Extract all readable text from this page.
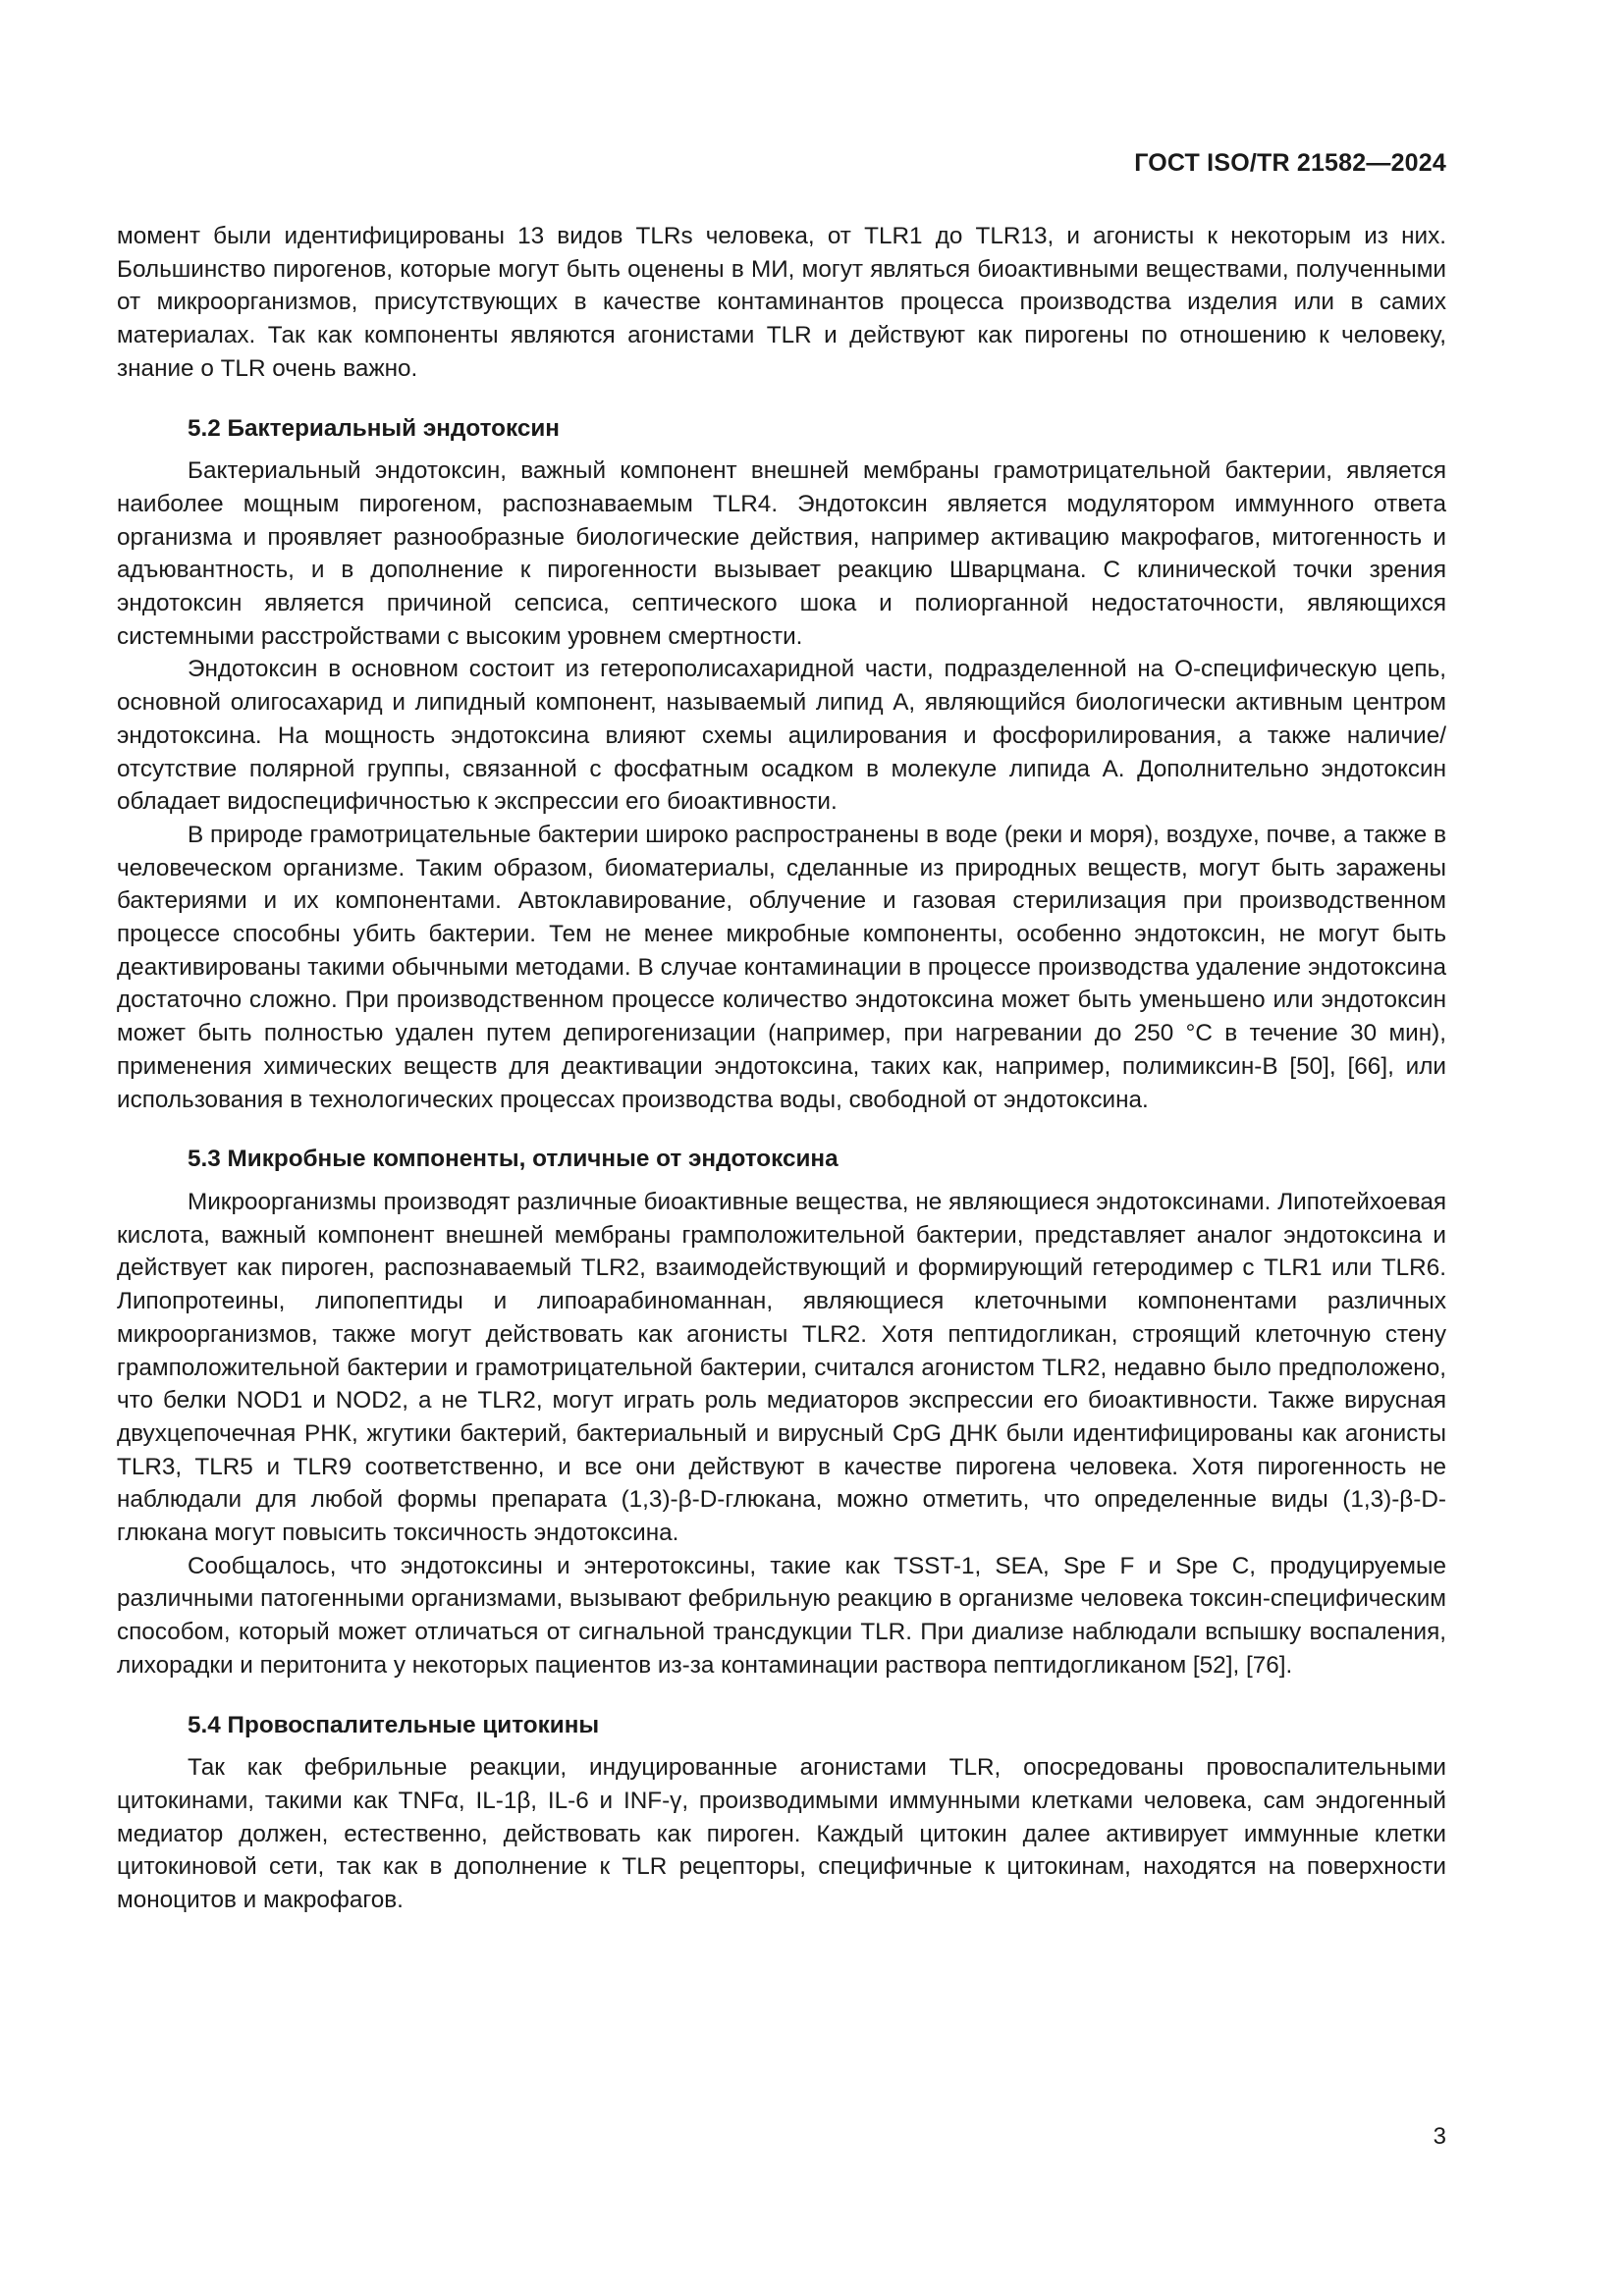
ГОСТ ISO/TR 21582—2024

момент были идентифицированы 13 видов TLRs человека, от TLR1 до TLR13, и агонисты к некоторым из них. Большинство пирогенов, которые могут быть оценены в МИ, могут являться биоактивными веществами, полученными от микроорганизмов, присутствующих в качестве контаминантов процесса производства изделия или в самих материалах. Так как компоненты являются агонистами TLR и действуют как пирогены по отношению к человеку, знание о TLR очень важно.

5.2 Бактериальный эндотоксин

Бактериальный эндотоксин, важный компонент внешней мембраны грамотрицательной бактерии, является наиболее мощным пирогеном, распознаваемым TLR4. Эндотоксин является модулятором иммунного ответа организма и проявляет разнообразные биологические действия, например активацию макрофагов, митогенность и адъювантность, и в дополнение к пирогенности вызывает реакцию Шварцмана. С клинической точки зрения эндотоксин является причиной сепсиса, септического шока и полиорганной недостаточности, являющихся системными расстройствами с высоким уровнем смертности.

Эндотоксин в основном состоит из гетерополисахаридной части, подразделенной на О-специфическую цепь, основной олигосахарид и липидный компонент, называемый липид А, являющийся биологически активным центром эндотоксина. На мощность эндотоксина влияют схемы ацилирования и фосфорилирования, а также наличие/отсутствие полярной группы, связанной с фосфатным осадком в молекуле липида А. Дополнительно эндотоксин обладает видоспецифичностью к экспрессии его биоактивности.

В природе грамотрицательные бактерии широко распространены в воде (реки и моря), воздухе, почве, а также в человеческом организме. Таким образом, биоматериалы, сделанные из природных веществ, могут быть заражены бактериями и их компонентами. Автоклавирование, облучение и газовая стерилизация при производственном процессе способны убить бактерии. Тем не менее микробные компоненты, особенно эндотоксин, не могут быть деактивированы такими обычными методами. В случае контаминации в процессе производства удаление эндотоксина достаточно сложно. При производственном процессе количество эндотоксина может быть уменьшено или эндотоксин может быть полностью удален путем депирогенизации (например, при нагревании до 250 °С в течение 30 мин), применения химических веществ для деактивации эндотоксина, таких как, например, полимиксин-В [50], [66], или использования в технологических процессах производства воды, свободной от эндотоксина.

5.3 Микробные компоненты, отличные от эндотоксина

Микроорганизмы производят различные биоактивные вещества, не являющиеся эндотоксинами. Липотейхоевая кислота, важный компонент внешней мембраны грамположительной бактерии, представляет аналог эндотоксина и действует как пироген, распознаваемый TLR2, взаимодействующий и формирующий гетеродимер с TLR1 или TLR6. Липопротеины, липопептиды и липоарабиноманнан, являющиеся клеточными компонентами различных микроорганизмов, также могут действовать как агонисты TLR2. Хотя пептидогликан, строящий клеточную стену грамположительной бактерии и грамотрицательной бактерии, считался агонистом TLR2, недавно было предположено, что белки NOD1 и NOD2, а не TLR2, могут играть роль медиаторов экспрессии его биоактивности. Также вирусная двухцепочечная РНК, жгутики бактерий, бактериальный и вирусный CpG ДНК были идентифицированы как агонисты TLR3, TLR5 и TLR9 соответственно, и все они действуют в качестве пирогена человека. Хотя пирогенность не наблюдали для любой формы препарата (1,3)-β-D-глюкана, можно отметить, что определенные виды (1,3)-β-D-глюкана могут повысить токсичность эндотоксина.

Сообщалось, что эндотоксины и энтеротоксины, такие как TSST-1, SEA, Spe F и Spe C, продуцируемые различными патогенными организмами, вызывают фебрильную реакцию в организме человека токсин-специфическим способом, который может отличаться от сигнальной трансдукции TLR. При диализе наблюдали вспышку воспаления, лихорадки и перитонита у некоторых пациентов из-за контаминации раствора пептидогликаном [52], [76].

5.4 Провоспалительные цитокины

Так как фебрильные реакции, индуцированные агонистами TLR, опосредованы провоспалительными цитокинами, такими как TNFα, IL-1β, IL-6 и INF-γ, производимыми иммунными клетками человека, сам эндогенный медиатор должен, естественно, действовать как пироген. Каждый цитокин далее активирует иммунные клетки цитокиновой сети, так как в дополнение к TLR рецепторы, специфичные к цитокинам, находятся на поверхности моноцитов и макрофагов.

3
